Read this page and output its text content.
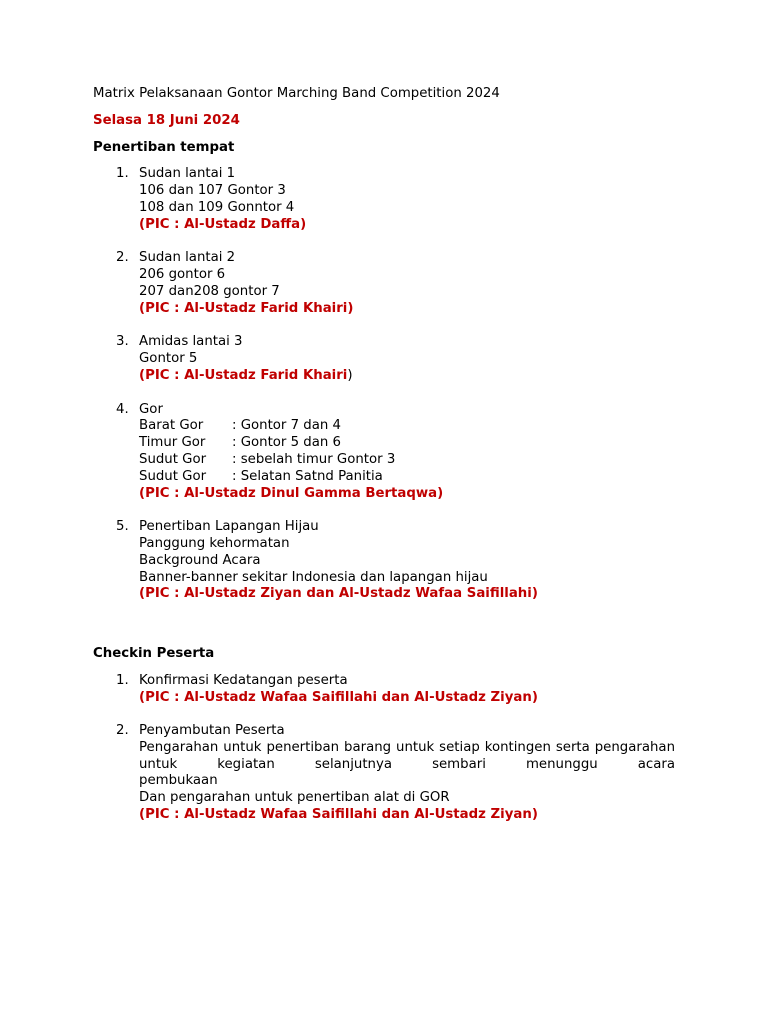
Matrix Pelaksanaan Gontor Marching Band Competition 2024
Selasa 18 Juni 2024
Penertiban tempat
1. Sudan lantai 1
106 dan 107 Gontor 3
108 dan 109 Gonntor 4
(PIC : Al-Ustadz Daffa)
2. Sudan lantai 2
206 gontor 6
207 dan208 gontor 7
(PIC : Al-Ustadz Farid Khairi)
3. Amidas lantai 3
Gontor 5
(PIC : Al-Ustadz Farid Khairi)
4. Gor
Barat Gor	: Gontor 7 dan 4
Timur Gor	: Gontor 5 dan 6
Sudut Gor	: sebelah timur Gontor 3
Sudut Gor	: Selatan Satnd Panitia
(PIC : Al-Ustadz Dinul Gamma Bertaqwa)
5. Penertiban Lapangan Hijau
Panggung kehormatan
Background Acara
Banner-banner sekitar Indonesia dan lapangan hijau
(PIC : Al-Ustadz Ziyan dan Al-Ustadz Wafaa Saifillahi)
Checkin Peserta
1. Konfirmasi Kedatangan peserta
(PIC : Al-Ustadz Wafaa Saifillahi dan Al-Ustadz Ziyan)
2. Penyambutan Peserta
Pengarahan untuk penertiban barang untuk setiap kontingen serta pengarahan untuk kegiatan selanjutnya sembari menunggu acara
pembukaan
Dan pengarahan untuk penertiban alat di GOR
(PIC : Al-Ustadz Wafaa Saifillahi dan Al-Ustadz Ziyan)
